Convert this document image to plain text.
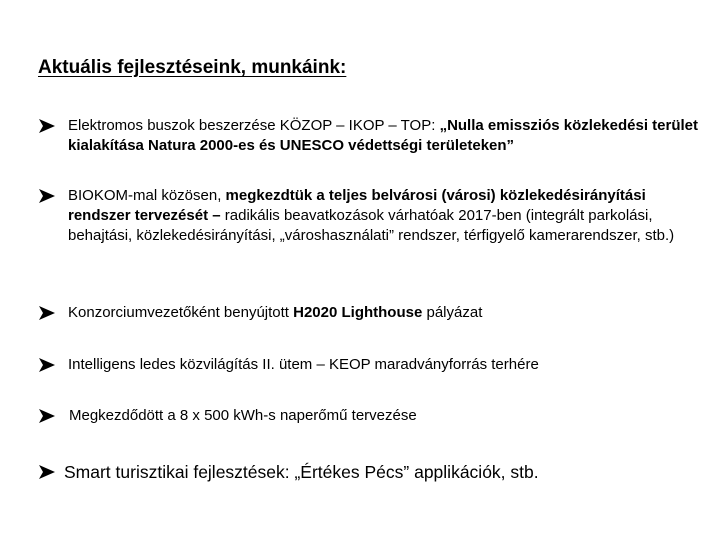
Aktuális fejlesztéseink, munkáink:
Elektromos buszok beszerzése KÖZOP – IKOP – TOP: „Nulla emissziós közlekedési terület kialakítása Natura 2000-es és UNESCO védettségi területeken”
BIOKOM-mal közösen, megkezdtük a teljes belvárosi (városi) közlekedésirányítási rendszer tervezését – radikális beavatkozások várhatóak 2017-ben (integrált parkolási, behajtási, közlekedésirányítási, „városhasználati” rendszer, térfigyelő kamerarendszer, stb.)
Konzorciumvezetőként benyújtott H2020 Lighthouse pályázat
Intelligens ledes közvilágítás II. ütem – KEOP maradványforrás terhére
Megkezdődött a 8 x 500 kWh-s naperőmű tervezése
Smart turisztikai fejlesztések: „Értékes Pécs” applikációk, stb.
